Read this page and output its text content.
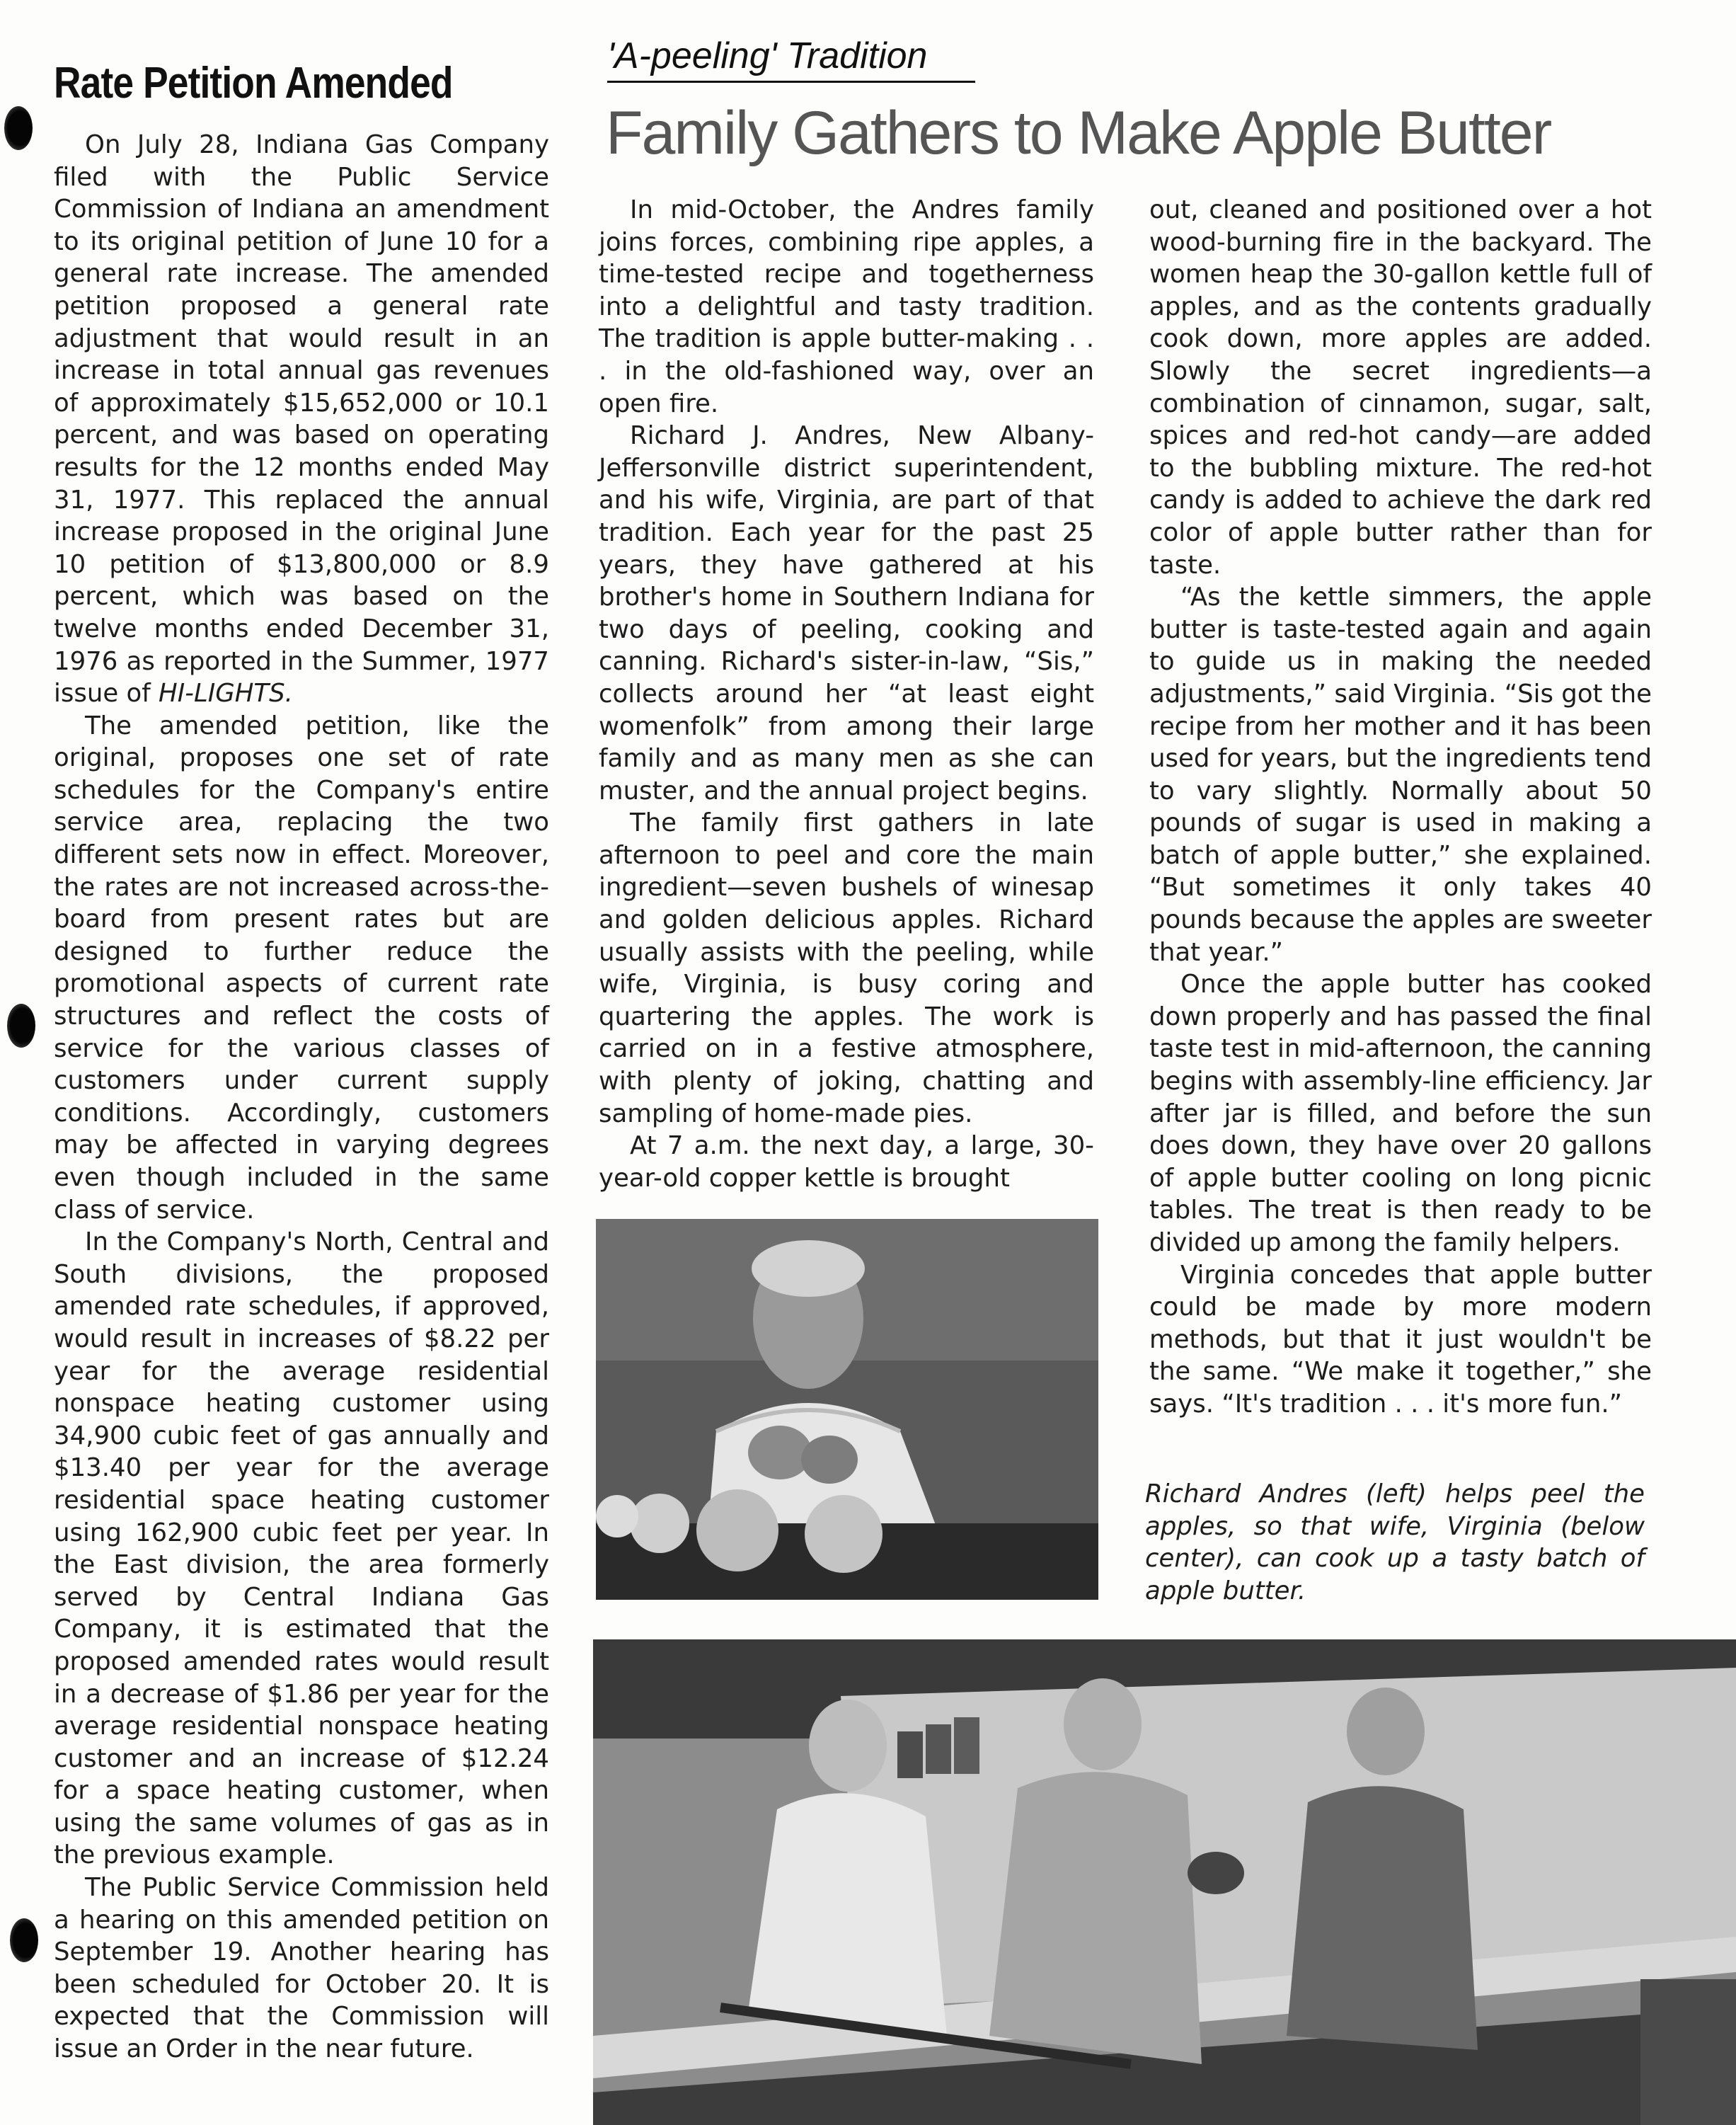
Rate Petition Amended

On July 28, Indiana Gas Company filed with the Public Service Commission of Indiana an amendment to its original petition of June 10 for a general rate increase. The amended petition proposed a general rate adjustment that would result in an increase in total annual gas revenues of approximately $15,652,000 or 10.1 percent, and was based on operating results for the 12 months ended May 31, 1977. This replaced the annual increase proposed in the original June 10 petition of $13,800,000 or 8.9 percent, which was based on the twelve months ended December 31, 1976 as reported in the Summer, 1977 issue of HI-LIGHTS.

The amended petition, like the original, proposes one set of rate schedules for the Company's entire service area, replacing the two different sets now in effect. Moreover, the rates are not increased across-the-board from present rates but are designed to further reduce the promotional aspects of current rate structures and reflect the costs of service for the various classes of customers under current supply conditions. Accordingly, customers may be affected in varying degrees even though included in the same class of service.

In the Company's North, Central and South divisions, the proposed amended rate schedules, if approved, would result in increases of $8.22 per year for the average residential nonspace heating customer using 34,900 cubic feet of gas annually and $13.40 per year for the average residential space heating customer using 162,900 cubic feet per year. In the East division, the area formerly served by Central Indiana Gas Company, it is estimated that the proposed amended rates would result in a decrease of $1.86 per year for the average residential nonspace heating customer and an increase of $12.24 for a space heating customer, when using the same volumes of gas as in the previous example.

The Public Service Commission held a hearing on this amended petition on September 19. Another hearing has been scheduled for October 20. It is expected that the Commission will issue an Order in the near future.

'A-peeling' Tradition
Family Gathers to Make Apple Butter

In mid-October, the Andres family joins forces, combining ripe apples, a time-tested recipe and togetherness into a delightful and tasty tradition. The tradition is apple butter-making . . . in the old-fashioned way, over an open fire.

Richard J. Andres, New Albany-Jeffersonville district superintendent, and his wife, Virginia, are part of that tradition. Each year for the past 25 years, they have gathered at his brother's home in Southern Indiana for two days of peeling, cooking and canning. Richard's sister-in-law, “Sis,” collects around her “at least eight womenfolk” from among their large family and as many men as she can muster, and the annual project begins.

The family first gathers in late afternoon to peel and core the main ingredient—seven bushels of winesap and golden delicious apples. Richard usually assists with the peeling, while wife, Virginia, is busy coring and quartering the apples. The work is carried on in a festive atmosphere, with plenty of joking, chatting and sampling of home-made pies.

At 7 a.m. the next day, a large, 30-year-old copper kettle is brought

out, cleaned and positioned over a hot wood-burning fire in the backyard. The women heap the 30-gallon kettle full of apples, and as the contents gradually cook down, more apples are added. Slowly the secret ingredients—a combination of cinnamon, sugar, salt, spices and red-hot candy—are added to the bubbling mixture. The red-hot candy is added to achieve the dark red color of apple butter rather than for taste.

“As the kettle simmers, the apple butter is taste-tested again and again to guide us in making the needed adjustments,” said Virginia. “Sis got the recipe from her mother and it has been used for years, but the ingredients tend to vary slightly. Normally about 50 pounds of sugar is used in making a batch of apple butter,” she explained. “But sometimes it only takes 40 pounds because the apples are sweeter that year.”

Once the apple butter has cooked down properly and has passed the final taste test in mid-afternoon, the canning begins with assembly-line efficiency. Jar after jar is filled, and before the sun does down, they have over 20 gallons of apple butter cooling on long picnic tables. The treat is then ready to be divided up among the family helpers.

Virginia concedes that apple butter could be made by more modern methods, but that it just wouldn't be the same. “We make it together,” she says. “It's tradition . . . it's more fun.”

Richard Andres (left) helps peel the apples, so that wife, Virginia (below center), can cook up a tasty batch of apple butter.
